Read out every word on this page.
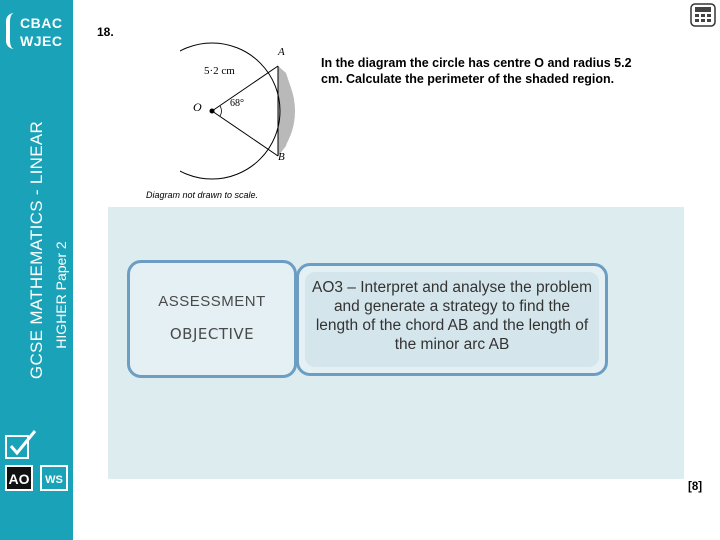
CBAC
WJEC
GCSE MATHEMATICS - LINEAR HIGHER Paper 2
AO WS
18.
In the diagram the circle has centre O and radius 5.2 cm. Calculate the perimeter of the shaded region.
5·2 cm
O	68°
A
B
Diagram not drawn to scale.
ASSESSMENT
OBJECTIVE
AO3 – Interpret and analyse the problem and generate a strategy to find the length of the chord AB and the length of the minor arc AB
[8]
